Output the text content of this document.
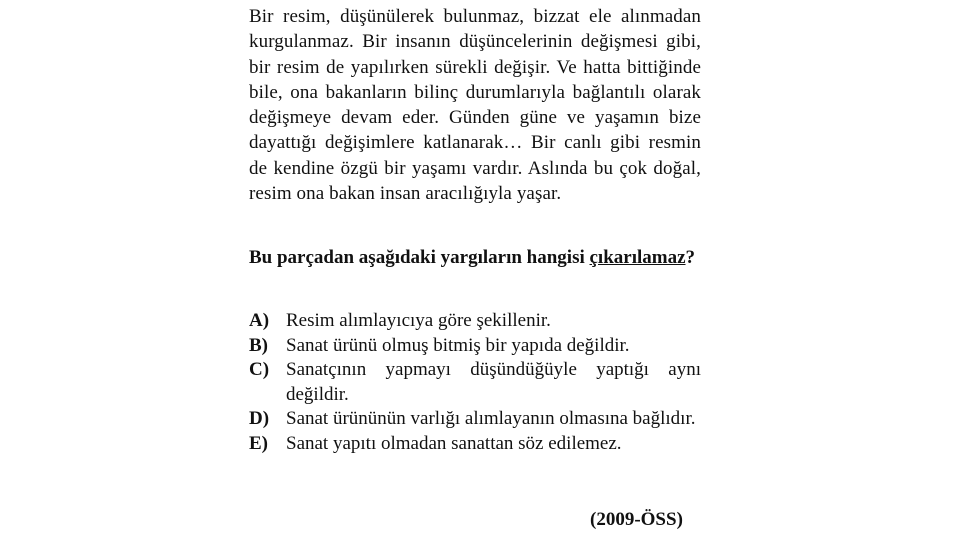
Bir resim, düşünülerek bulunmaz, bizzat ele alınmadan kurgulanmaz. Bir insanın düşüncelerinin değişmesi gibi, bir resim de yapılırken sürekli değişir. Ve hatta bittiğinde bile, ona bakanların bilinç durumlarıyla bağlantılı olarak değişmeye devam eder. Günden güne ve yaşamın bize dayattığı değişimlere katlanarak… Bir canlı gibi resmin de kendine özgü bir yaşamı vardır. Aslında bu çok doğal, resim ona bakan insan aracılığıyla yaşar.

Bu parçadan aşağıdaki yargıların hangisi çıkarılamaz?
A) Resim alımlayıcıya göre şekillenir.
B) Sanat ürünü olmuş bitmiş bir yapıda değildir.
C) Sanatçının yapmayı düşündüğüyle yaptığı aynı değildir.
D) Sanat ürününün varlığı alımlayanın olmasına bağlıdır.
E) Sanat yapıtı olmadan sanattan söz edilemez.
(2009-ÖSS)
